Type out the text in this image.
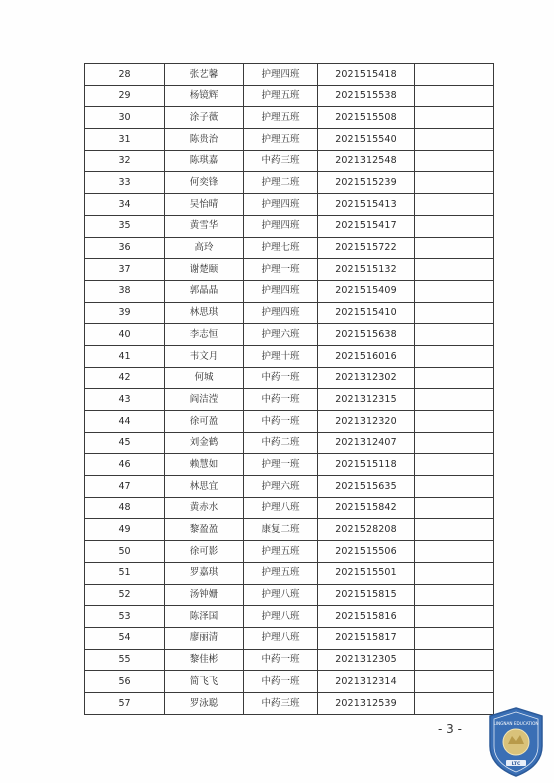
28	张艺馨	护理四班	2021515418	
29	杨镜辉	护理五班	2021515538	
30	涂子薇	护理五班	2021515508	
31	陈贵治	护理五班	2021515540	
32	陈琪嘉	中药三班	2021312548	
33	何奕锋	护理二班	2021515239	
34	吴怡晴	护理四班	2021515413	
35	黄雪华	护理四班	2021515417	
36	高玲	护理七班	2021515722	
37	谢楚颐	护理一班	2021515132	
38	郭晶晶	护理四班	2021515409	
39	林思琪	护理四班	2021515410	
40	李志恒	护理六班	2021515638	
41	韦文月	护理十班	2021516016	
42	何城	中药一班	2021312302	
43	阎洁滢	中药一班	2021312315	
44	徐可盈	中药一班	2021312320	
45	刘金鹤	中药二班	2021312407	
46	赖慧如	护理一班	2021515118	
47	林思宜	护理六班	2021515635	
48	黄赤水	护理八班	2021515842	
49	黎盈盈	康复二班	2021528208	
50	徐可影	护理五班	2021515506	
51	罗嘉琪	护理五班	2021515501	
52	汤钟姗	护理八班	2021515815	
53	陈泽国	护理八班	2021515816	
54	廖丽清	护理八班	2021515817	
55	黎佳彬	中药一班	2021312305	
56	简飞飞	中药一班	2021312314	
57	罗泳聪	中药三班	2021312539	
- 3 -	LINGNAN EDUCATION
LTC
